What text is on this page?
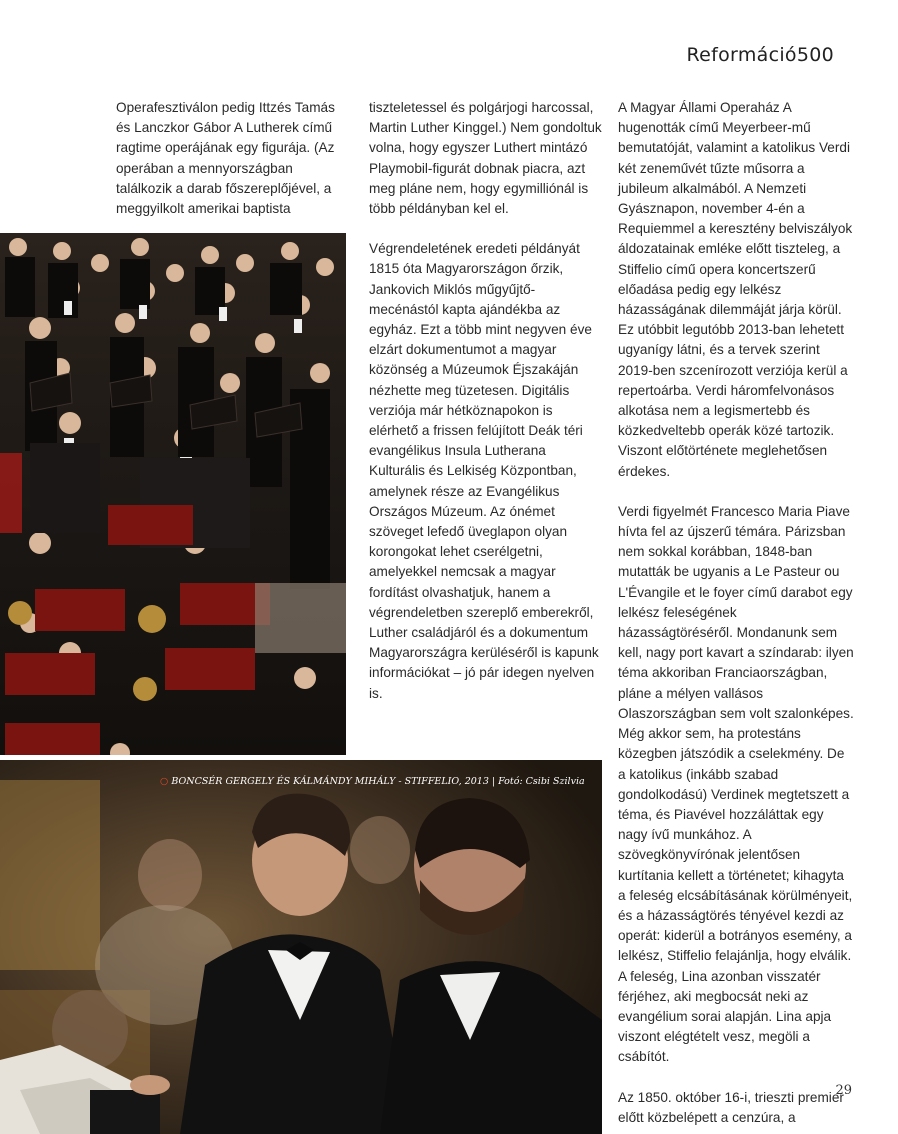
Reformáció500

Operafesztiválon pedig Ittzés Tamás és Lanczkor Gábor A Lutherek című ragtime operájának egy figurája. (Az operában a mennyországban találkozik a darab főszereplőjével, a meggyilkolt amerikai baptista

tiszteletessel és polgárjogi harcossal, Martin Luther Kinggel.) Nem gondoltuk volna, hogy egyszer Luthert mintázó Playmobil-figurát dobnak piacra, azt meg pláne nem, hogy egymilliónál is több példányban kel el.

Végrendeletének eredeti példányát 1815 óta Magyarországon őrzik, Jankovich Miklós műgyűjtő-mecénástól kapta ajándékba az egyház. Ezt a több mint negyven éve elzárt dokumentumot a magyar közönség a Múzeumok Éjszakáján nézhette meg tüzetesen. Digitális verziója már hétköznapokon is elérhető a frissen felújított Deák téri evangélikus Insula Lutherana Kulturális és Lelkiség Központban, amelynek része az Evangélikus Országos Múzeum. Az ónémet szöveget lefedő üveglapon olyan korongokat lehet cserélgetni, amelyekkel nemcsak a magyar fordítást olvashatjuk, hanem a végrendeletben szereplő emberekről, Luther családjáról és a dokumentum Magyarországra kerüléséről is kapunk információkat – jó pár idegen nyelven is.

A Magyar Állami Operaház A hugenották című Meyerbeer-mű bemutatóját, valamint a katolikus Verdi két zeneművét tűzte műsorra a jubileum alkalmából. A Nemzeti Gyásznapon, november 4-én a Requiemmel a keresztény belviszályok áldozatainak emléke előtt tiszteleg, a Stiffelio című opera koncertszerű előadása pedig egy lelkész házasságának dilemmáját járja körül. Ez utóbbit legutóbb 2013-ban lehetett ugyanígy látni, és a tervek szerint 2019-ben szcenírozott verziója kerül a repertoárba. Verdi háromfelvonásos alkotása nem a legismertebb és közkedveltebb operák közé tartozik. Viszont előtörténete meglehetősen érdekes.

Verdi figyelmét Francesco Maria Piave hívta fel az újszerű témára. Párizsban nem sokkal korábban, 1848-ban mutatták be ugyanis a Le Pasteur ou L'Évangile et le foyer című darabot egy lelkész feleségének házasságtöréséről. Mondanunk sem kell, nagy port kavart a színdarab: ilyen téma akkoriban Franciaországban, pláne a mélyen vallásos Olaszországban sem volt szalonképes. Még akkor sem, ha protestáns közegben játszódik a cselekmény. De a katolikus (inkább szabad gondolkodású) Verdinek megtetszett a téma, és Piavével hozzáláttak egy nagy ívű munkához. A szövegkönyvírónak jelentősen kurtítania kellett a történetet; kihagyta a feleség elcsábításának körülményeit, és a házasságtörés tényével kezdi az operát: kiderül a botrányos esemény, a lelkész, Stiffelio felajánlja, hogy elválik. A feleség, Lina azonban visszatér férjéhez, aki megbocsát neki az evangélium sorai alapján. Lina apja viszont elégtételt vesz, megöli a csábítót.

Az 1850. október 16-i, trieszti premier előtt közbelépett a cenzúra, a

○ BONCSÉR GERGELY ÉS KÁLMÁNDY MIHÁLY - STIFFELIO, 2013 | Fotó: Csibi Szilvia
29
